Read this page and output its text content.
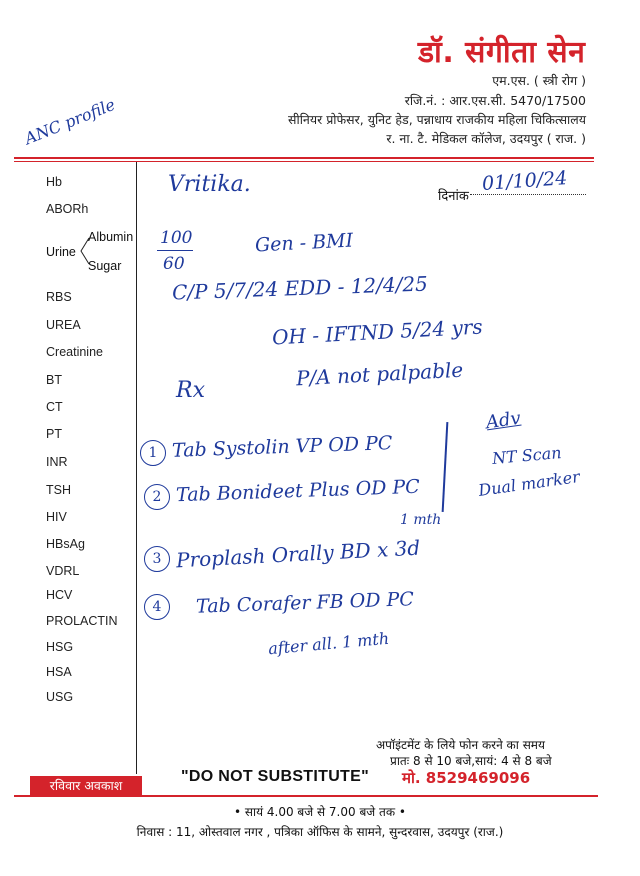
डॉ. संगीता सेन
एम.एस. ( स्त्री रोग )
रजि.नं. : आर.एस.सी. 5470/17500
सीनियर प्रोफेसर, युनिट हेड, पन्नाधाय राजकीय महिला चिकित्सालय
र. ना. टै. मेडिकल कॉलेज, उदयपुर ( राज. )
ANC profile
Hb
ABORh
Urine
Albumin
Sugar
RBS
UREA
Creatinine
BT
CT
PT
INR
TSH
HIV
HBsAg
VDRL
HCV
PROLACTIN
HSG
HSA
USG
दिनांक
01/10/24
Vritika.
100
60
Gen - BMI
C/P 5/7/24 EDD - 12/4/25
OH - IFTND 5/24 yrs
P/A not palpable
Rx
Adv
NT Scan
Dual marker
1 Tab Systolin VP OD PC
2 Tab Bonideet Plus OD PC
1 mth
3 Proplash Orally BD x 3d
4	Tab Corafer FB OD PC
after all. 1 mth
अपॉइंटमेंट के लिये फोन करने का समय
प्रातः 8 से 10 बजे,सायं: 4 से 8 बजे
"DO NOT SUBSTITUTE" मो. 8529469096
रविवार अवकाश
• सायं 4.00 बजे से 7.00 बजे तक •
निवास : 11, ओस्तवाल नगर , पत्रिका ऑफिस के सामने, सुन्दरवास, उदयपुर (राज.)
